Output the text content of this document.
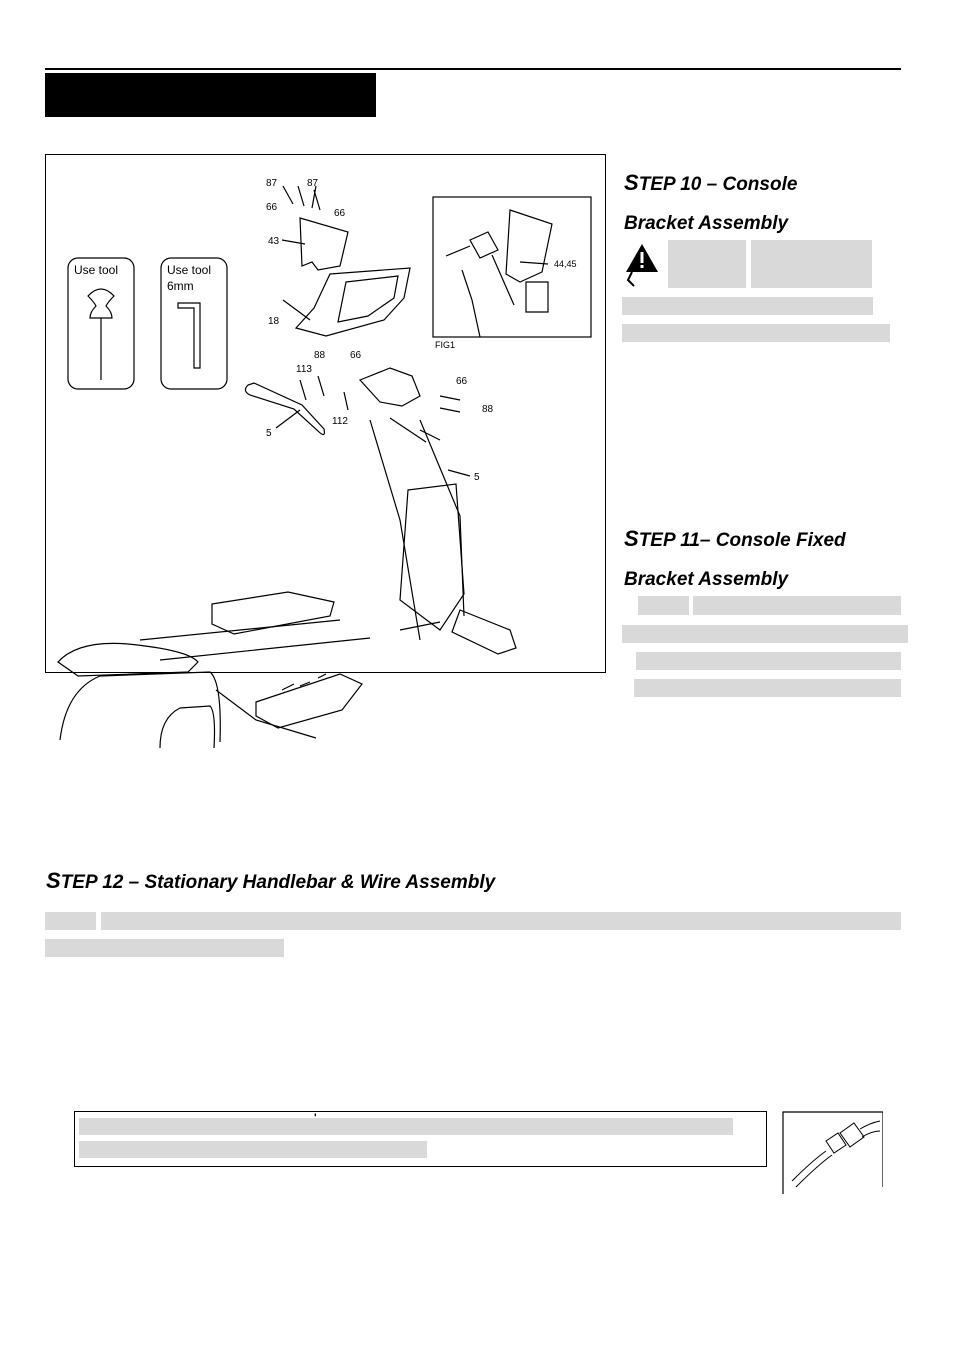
Use tool	Use tool
6mm
FIG1
44,45
87	87
66
66
43
18
88 66
113
5
112
66
88
5
STEP 10 – Console
Bracket Assembly
STEP 11– Console Fixed
Bracket Assembly
STEP 12 – Stationary Handlebar & Wire Assembly
'
